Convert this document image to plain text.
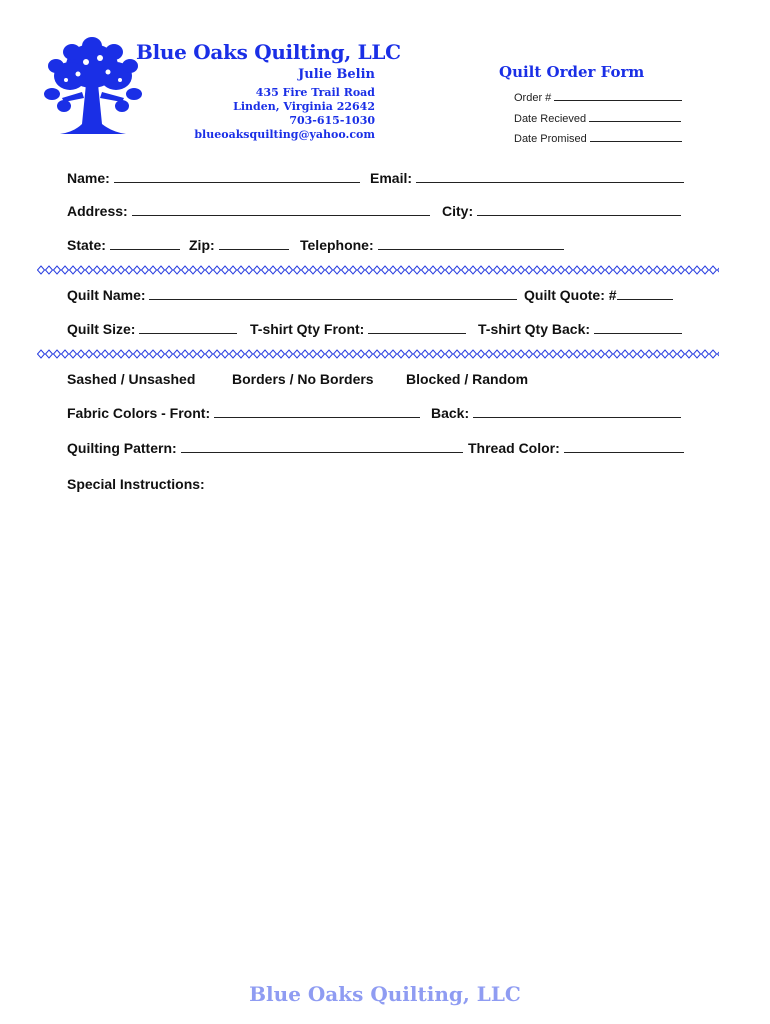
Blue Oaks Quilting, LLC
Julie Belin
435 Fire Trail Road
Linden, Virginia 22642
703-615-1030
blueoaksquilting@yahoo.com
Quilt Order Form
Order #
Date Recieved
Date Promised
Name:	Email:
Address:	City:
State:	Zip:	Telephone:
Quilt Name:	Quilt Quote: #
Quilt Size:	T-shirt Qty Front:	T-shirt Qty Back:
Sashed / Unsashed	Borders / No Borders Blocked / Random
Fabric Colors - Front:	Back:
Quilting Pattern:	Thread Color:
Special Instructions:
Blue Oaks Quilting, LLC
